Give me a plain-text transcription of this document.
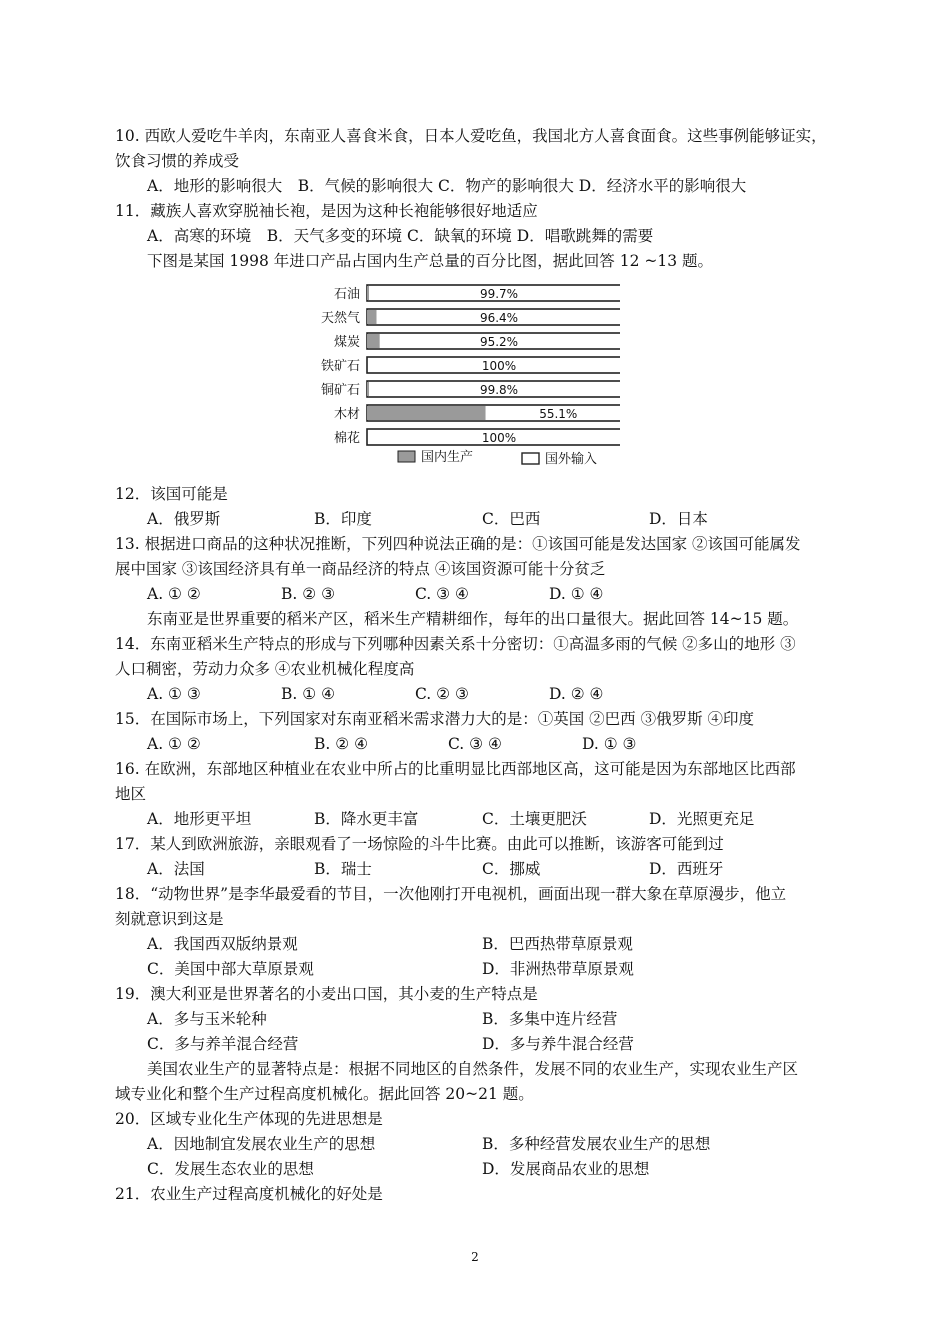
10. 西欧人爱吃牛羊肉，东南亚人喜食米食，日本人爱吃鱼，我国北方人喜食面食。这些事例能够证实，
饮食习惯的养成受
A．地形的影响很大　B．气候的影响很大 C．物产的影响很大 D．经济水平的影响很大
11．藏族人喜欢穿脱袖长袍，是因为这种长袍能够很好地适应
A．高寒的环境　B．天气多变的环境 C．缺氧的环境 D．唱歌跳舞的需要
下图是某国 1998 年进口产品占国内生产总量的百分比图，据此回答 12 ~13 题。
石油	99.7%
天然气	96.4%
煤炭	95.2%
铁矿石	100%
铜矿石	99.8%
木材	55.1%
棉花	100%
国内生产	国外输入
12．该国可能是
A．俄罗斯	B．印度	C．巴西	D．日本
13. 根据进口商品的这种状况推断，下列四种说法正确的是：①该国可能是发达国家 ②该国可能属发
展中国家 ③该国经济具有单一商品经济的特点 ④该国资源可能十分贫乏
A. ① ②	B. ② ③	C. ③ ④	D. ① ④
东南亚是世界重要的稻米产区，稻米生产精耕细作，每年的出口量很大。据此回答 14~15 题。
14．东南亚稻米生产特点的形成与下列哪种因素关系十分密切：①高温多雨的气候 ②多山的地形 ③
人口稠密，劳动力众多 ④农业机械化程度高
A. ① ③	B. ① ④	C. ② ③	D. ② ④
15．在国际市场上，下列国家对东南亚稻米需求潜力大的是：①英国 ②巴西 ③俄罗斯 ④印度
A. ① ②	B. ② ④	C. ③ ④	D. ① ③
16. 在欧洲，东部地区种植业在农业中所占的比重明显比西部地区高，这可能是因为东部地区比西部
地区
A．地形更平坦	B．降水更丰富	C．土壤更肥沃	D．光照更充足
17．某人到欧洲旅游，亲眼观看了一场惊险的斗牛比赛。由此可以推断，该游客可能到过
A．法国	B．瑞士	C．挪威	D．西班牙
18．“动物世界”是李华最爱看的节目，一次他刚打开电视机，画面出现一群大象在草原漫步，他立
刻就意识到这是
A．我国西双版纳景观	B．巴西热带草原景观
C．美国中部大草原景观	D．非洲热带草原景观
19．澳大利亚是世界著名的小麦出口国，其小麦的生产特点是
A．多与玉米轮种	B．多集中连片经营
C．多与养羊混合经营	D．多与养牛混合经营
美国农业生产的显著特点是：根据不同地区的自然条件，发展不同的农业生产，实现农业生产区
域专业化和整个生产过程高度机械化。据此回答 20~21 题。
20．区域专业化生产体现的先进思想是
A．因地制宜发展农业生产的思想	B．多种经营发展农业生产的思想
C．发展生态农业的思想	D．发展商品农业的思想
21．农业生产过程高度机械化的好处是
2
